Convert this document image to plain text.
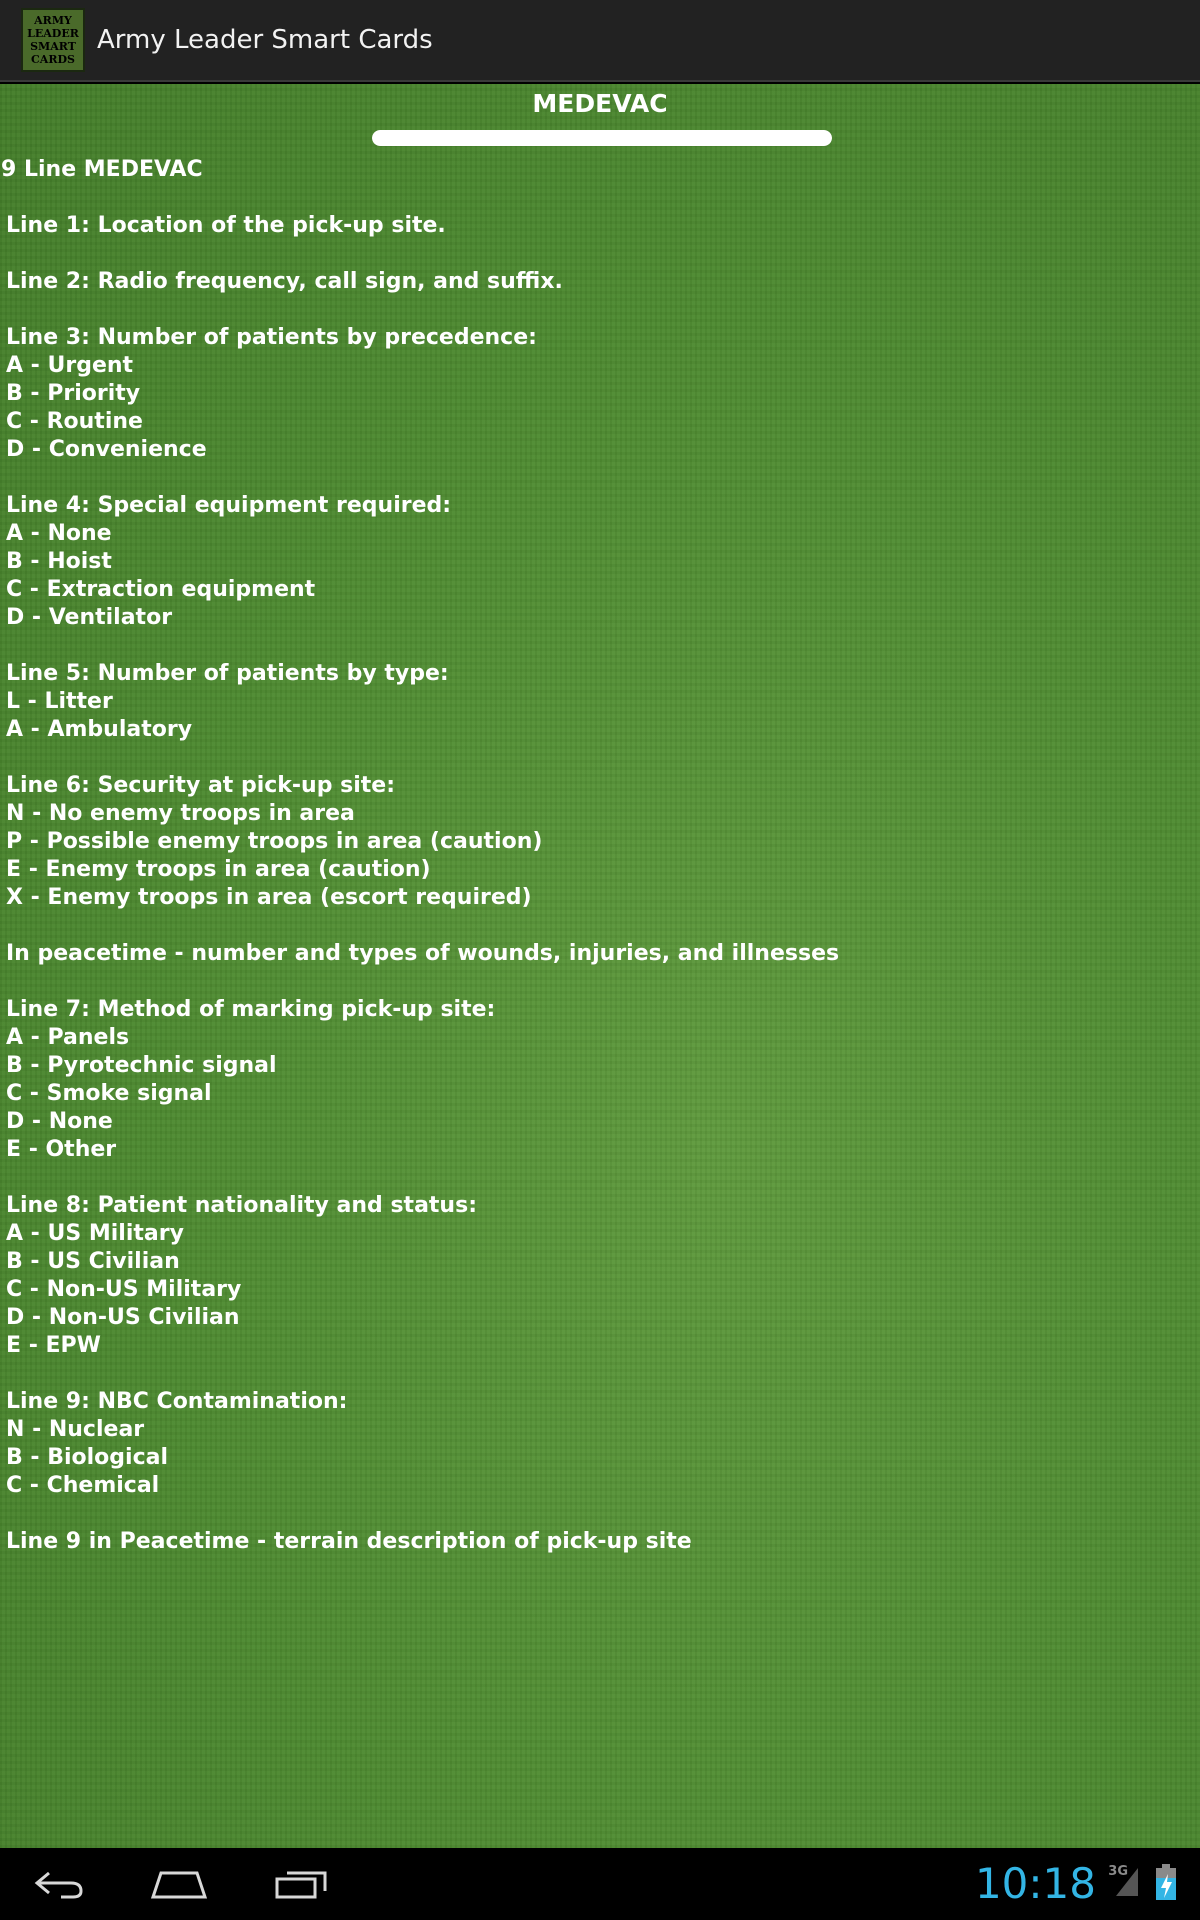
ARMY
LEADER
SMART
CARDS
Army Leader Smart Cards
MEDEVAC
9 Line MEDEVAC
Line 1: Location of the pick-up site.
Line 2: Radio frequency, call sign, and suffix.
Line 3: Number of patients by precedence:
A - Urgent
B - Priority
C - Routine
D - Convenience
Line 4: Special equipment required:
A - None
B - Hoist
C - Extraction equipment
D - Ventilator
Line 5: Number of patients by type:
L - Litter
A - Ambulatory
Line 6: Security at pick-up site:
N - No enemy troops in area
P - Possible enemy troops in area (caution)
E - Enemy troops in area (caution)
X - Enemy troops in area (escort required)
In peacetime - number and types of wounds, injuries, and illnesses
Line 7: Method of marking pick-up site:
A - Panels
B - Pyrotechnic signal
C - Smoke signal
D - None
E - Other
Line 8: Patient nationality and status:
A - US Military
B - US Civilian
C - Non-US Military
D - Non-US Civilian
E - EPW
Line 9: NBC Contamination:
N - Nuclear
B - Biological
C - Chemical
Line 9 in Peacetime - terrain description of pick-up site
10:18 3G
